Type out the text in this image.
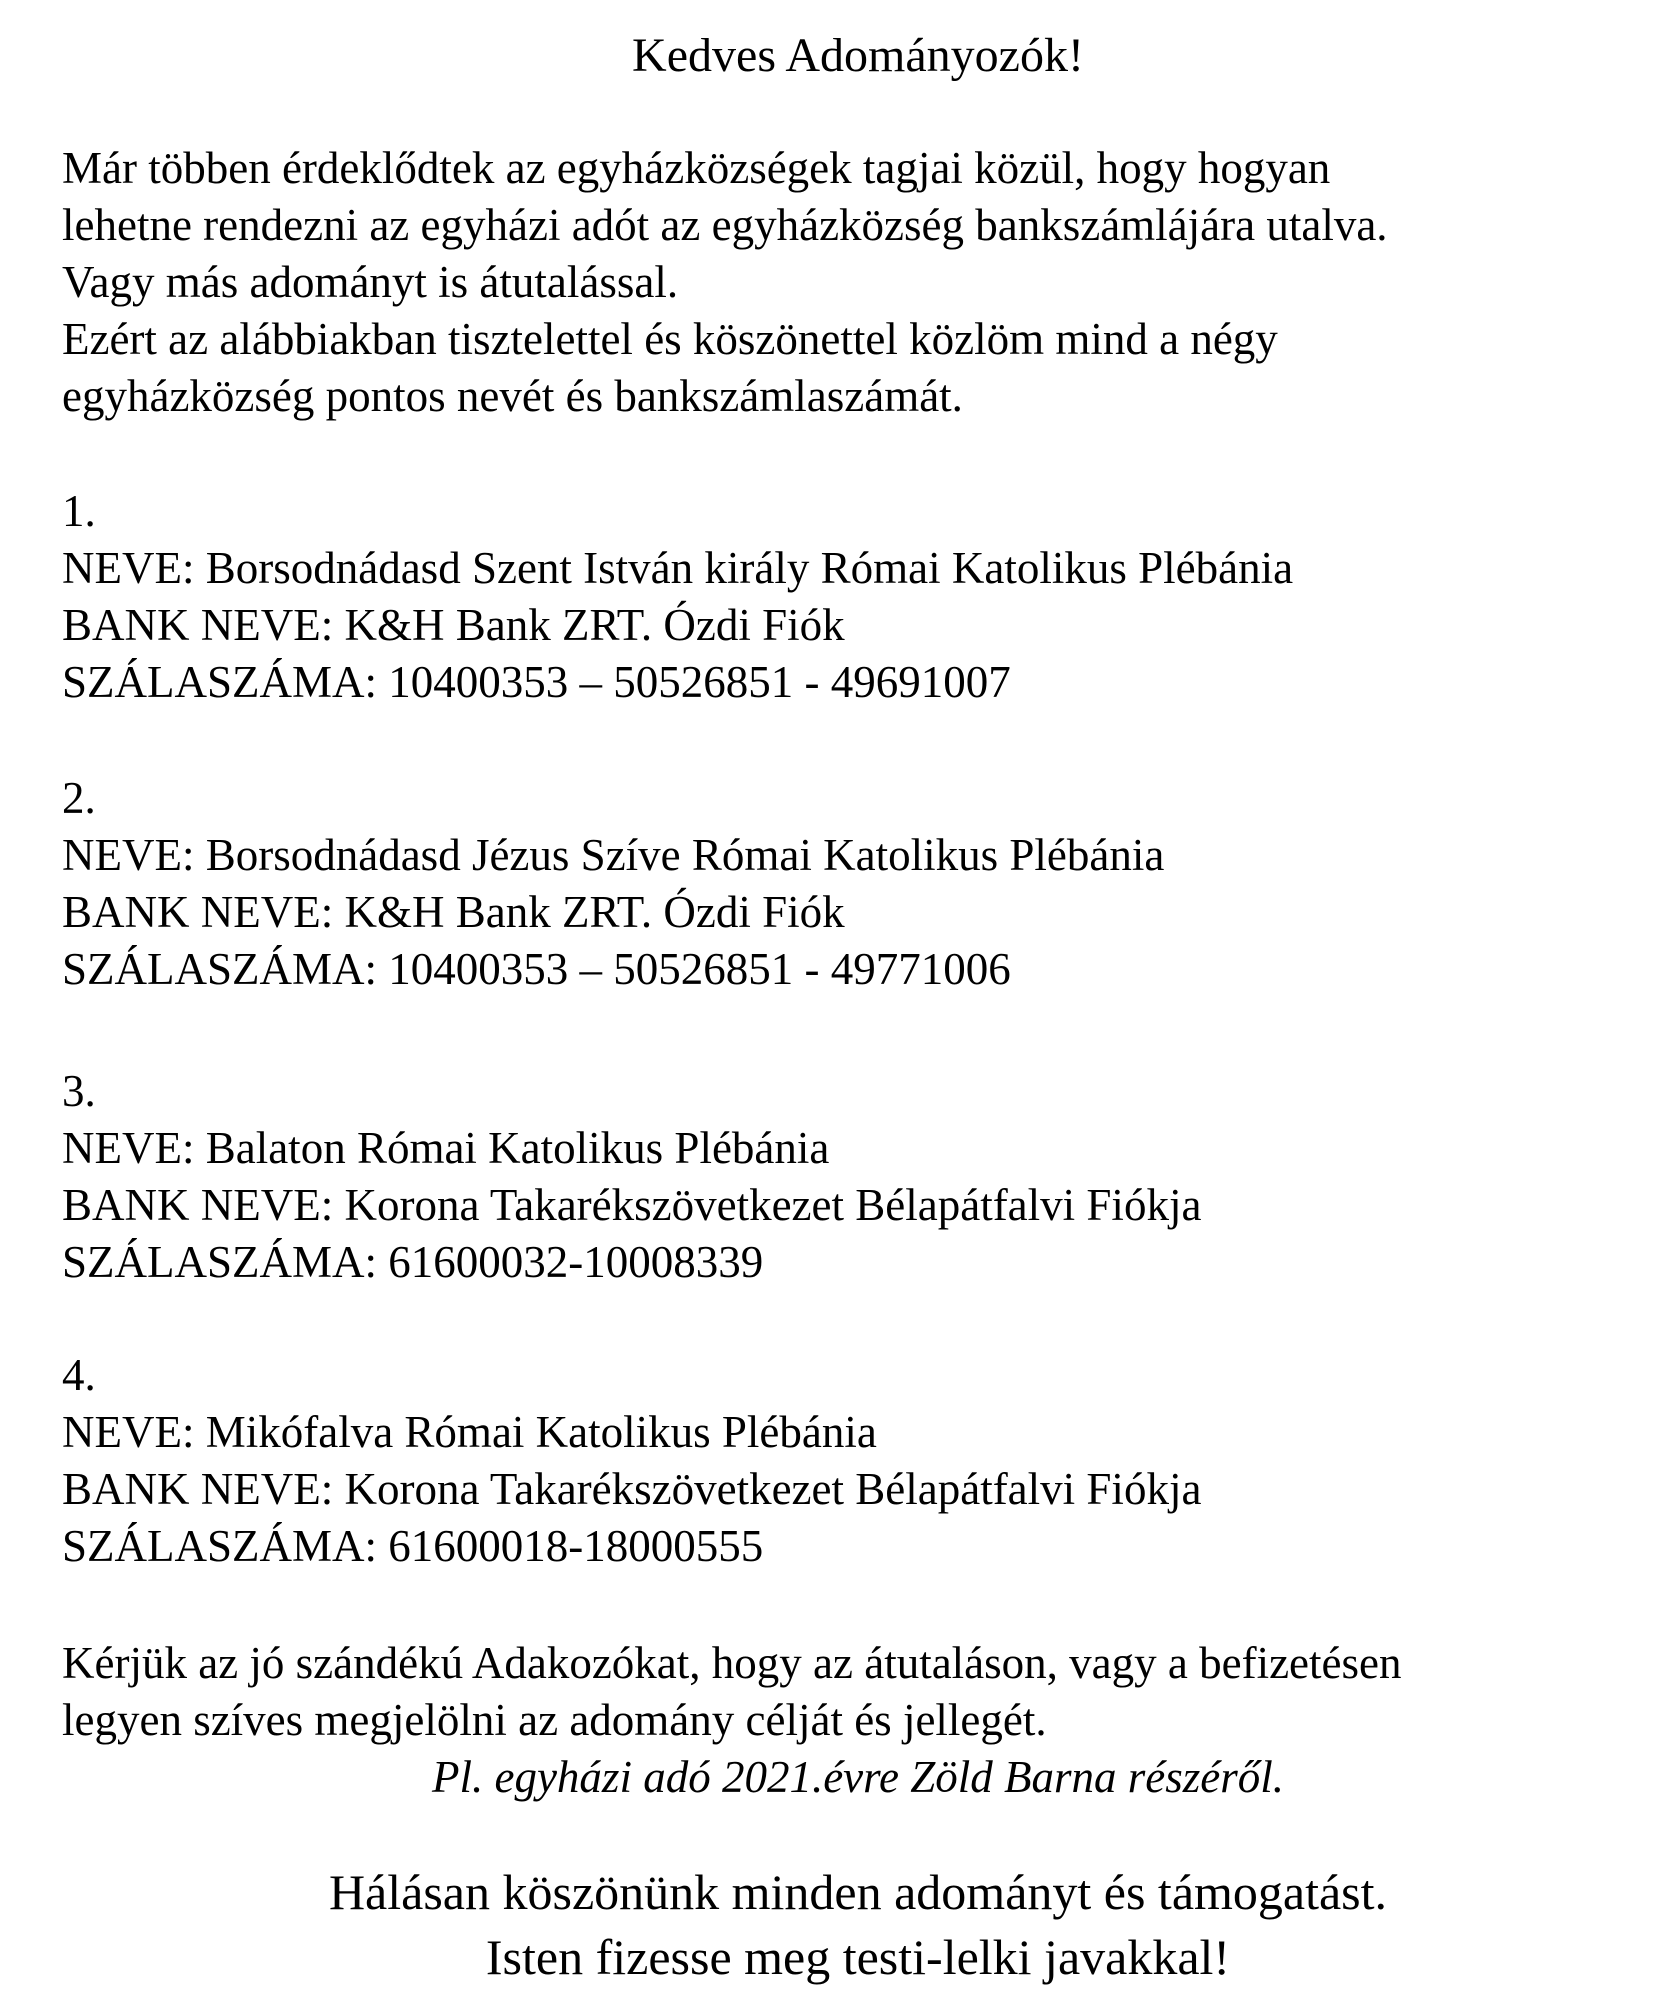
Kedves Adományozók!
Már többen érdeklődtek az egyházközségek tagjai közül, hogy hogyan
lehetne rendezni az egyházi adót az egyházközség bankszámlájára utalva.
Vagy más adományt is átutalással.
Ezért az alábbiakban tisztelettel és köszönettel közlöm mind a négy
egyházközség pontos nevét és bankszámlaszámát.
1.
NEVE: Borsodnádasd Szent István király Római Katolikus Plébánia
BANK NEVE: K&H Bank ZRT. Ózdi Fiók
SZÁLASZÁMA: 10400353 – 50526851 - 49691007
2.
NEVE: Borsodnádasd Jézus Szíve Római Katolikus Plébánia
BANK NEVE: K&H Bank ZRT. Ózdi Fiók
SZÁLASZÁMA: 10400353 – 50526851 - 49771006
3.
NEVE: Balaton Római Katolikus Plébánia
BANK NEVE: Korona Takarékszövetkezet Bélapátfalvi Fiókja
SZÁLASZÁMA: 61600032-10008339
4.
NEVE: Mikófalva Római Katolikus Plébánia
BANK NEVE: Korona Takarékszövetkezet Bélapátfalvi Fiókja
SZÁLASZÁMA: 61600018-18000555
Kérjük az jó szándékú Adakozókat, hogy az átutaláson, vagy a befizetésen
legyen szíves megjelölni az adomány célját és jellegét.
Pl. egyházi adó 2021.évre Zöld Barna részéről.
Hálásan köszönünk minden adományt és támogatást.
Isten fizesse meg testi-lelki javakkal!
